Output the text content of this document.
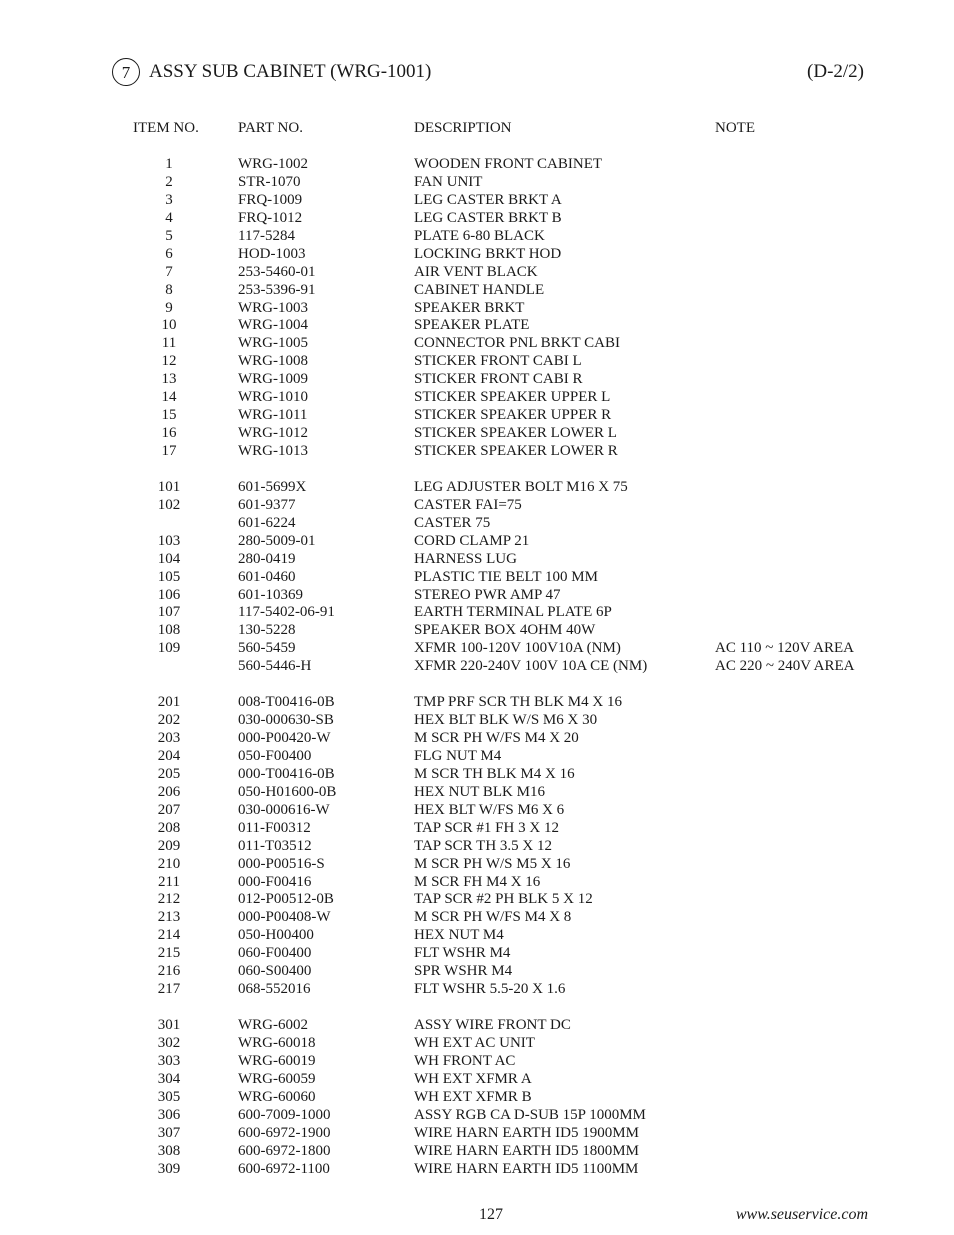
7 ASSY SUB CABINET (WRG-1001)	(D-2/2)
ITEM NO.	PART NO.	DESCRIPTION	NOTE
1	WRG-1002	WOODEN FRONT CABINET
2	STR-1070	FAN UNIT
3	FRQ-1009	LEG CASTER BRKT A
4	FRQ-1012	LEG CASTER BRKT B
5	117-5284	PLATE 6-80 BLACK
6	HOD-1003	LOCKING BRKT HOD
7	253-5460-01	AIR VENT BLACK
8	253-5396-91	CABINET HANDLE
9	WRG-1003	SPEAKER BRKT
10	WRG-1004	SPEAKER PLATE
11	WRG-1005	CONNECTOR PNL BRKT CABI
12	WRG-1008	STICKER FRONT CABI L
13	WRG-1009	STICKER FRONT CABI R
14	WRG-1010	STICKER SPEAKER UPPER L
15	WRG-1011	STICKER SPEAKER UPPER R
16	WRG-1012	STICKER SPEAKER LOWER L
17	WRG-1013	STICKER SPEAKER LOWER R
101	601-5699X	LEG ADJUSTER BOLT M16 X 75
102	601-9377	CASTER FAI=75
601-6224	CASTER 75
103	280-5009-01	CORD CLAMP 21
104	280-0419	HARNESS LUG
105	601-0460	PLASTIC TIE BELT 100 MM
106	601-10369	STEREO PWR AMP 47
107	117-5402-06-91	EARTH TERMINAL PLATE 6P
108	130-5228	SPEAKER BOX 4OHM 40W
109	560-5459	XFMR 100-120V 100V10A (NM)	AC 110 ~ 120V AREA
560-5446-H	XFMR 220-240V 100V 10A CE (NM)	AC 220 ~ 240V AREA
201	008-T00416-0B	TMP PRF SCR TH BLK M4 X 16
202	030-000630-SB	HEX BLT BLK W/S M6 X 30
203	000-P00420-W	M SCR PH W/FS M4 X 20
204	050-F00400	FLG NUT M4
205	000-T00416-0B	M SCR TH BLK M4 X 16
206	050-H01600-0B	HEX NUT BLK M16
207	030-000616-W	HEX BLT W/FS M6 X 6
208	011-F00312	TAP SCR #1 FH 3 X 12
209	011-T03512	TAP SCR TH 3.5 X 12
210	000-P00516-S	M SCR PH W/S M5 X 16
211	000-F00416	M SCR FH M4 X 16
212	012-P00512-0B	TAP SCR #2 PH BLK 5 X 12
213	000-P00408-W	M SCR PH W/FS M4 X 8
214	050-H00400	HEX NUT M4
215	060-F00400	FLT WSHR M4
216	060-S00400	SPR WSHR M4
217	068-552016	FLT WSHR 5.5-20 X 1.6
301	WRG-6002	ASSY WIRE FRONT DC
302	WRG-60018	WH EXT AC UNIT
303	WRG-60019	WH FRONT AC
304	WRG-60059	WH EXT XFMR A
305	WRG-60060	WH EXT XFMR B
306	600-7009-1000	ASSY RGB CA D-SUB 15P 1000MM
307	600-6972-1900	WIRE HARN EARTH ID5 1900MM
308	600-6972-1800	WIRE HARN EARTH ID5 1800MM
309	600-6972-1100	WIRE HARN EARTH ID5 1100MM
127	www.seuservice.com
